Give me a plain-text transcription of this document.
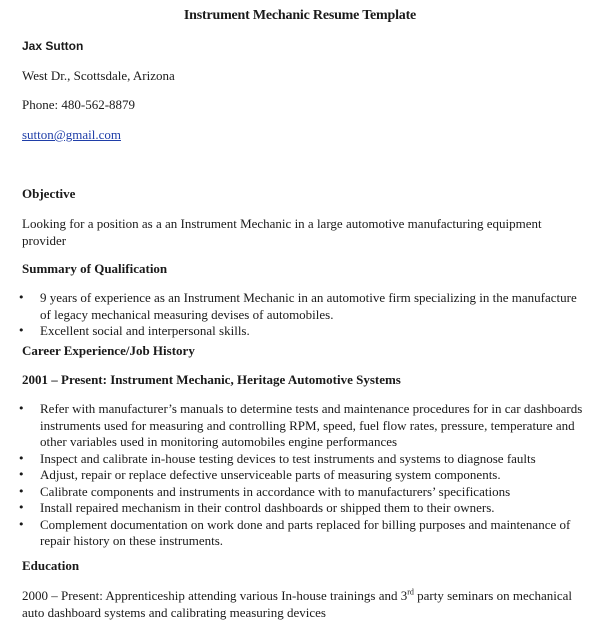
Instrument Mechanic Resume Template
Jax Sutton
West Dr., Scottsdale, Arizona
Phone: 480-562-8879
sutton@gmail.com
Objective
Looking for a position as a an Instrument Mechanic in a large automotive manufacturing equipment provider
Summary of Qualification
• 9 years of experience as an Instrument Mechanic in an automotive firm specializing in the manufacture of legacy mechanical measuring devises of automobiles.
• Excellent social and interpersonal skills.
Career Experience/Job History
2001 – Present: Instrument Mechanic, Heritage Automotive Systems
• Refer with manufacturer’s manuals to determine tests and maintenance procedures for in car dashboards instruments used for measuring and controlling RPM, speed, fuel flow rates, pressure, temperature and other variables used in monitoring automobiles engine performances
• Inspect and calibrate in-house testing devices to test instruments and systems to diagnose faults
• Adjust, repair or replace defective unserviceable parts of measuring system components.
• Calibrate components and instruments in accordance with to manufacturers’ specifications
• Install repaired mechanism in their control dashboards or shipped them to their owners.
• Complement documentation on work done and parts replaced for billing purposes and maintenance of repair history on these instruments.
Education
2000 – Present: Apprenticeship attending various In-house trainings and 3rd party seminars on mechanical auto dashboard systems and calibrating measuring devices
